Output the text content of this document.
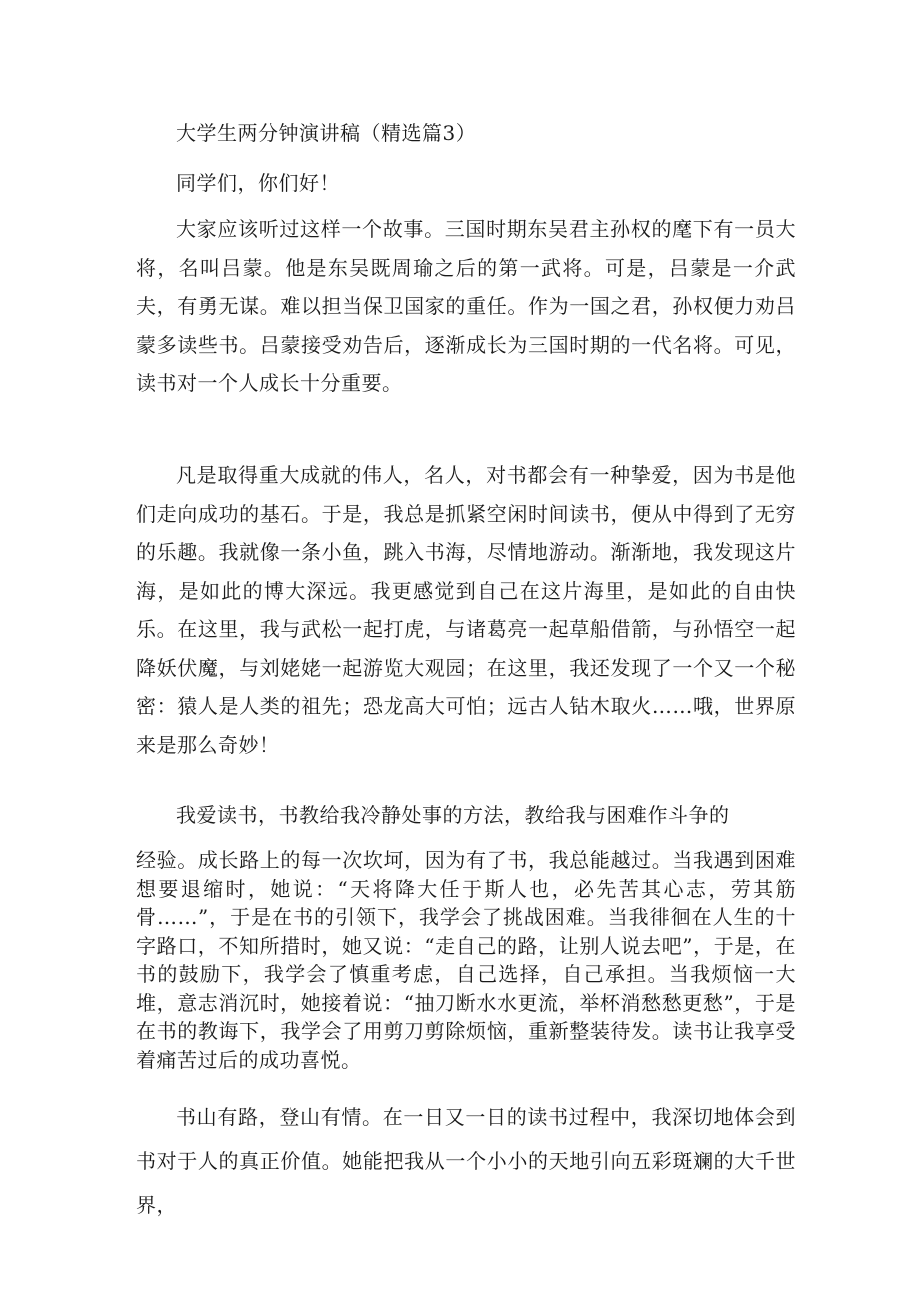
大学生两分钟演讲稿（精选篇3）

同学们，你们好！

大家应该听过这样一个故事。三国时期东吴君主孙权的麾下有一员大将，名叫吕蒙。他是东吴既周瑜之后的第一武将。可是，吕蒙是一介武夫，有勇无谋。难以担当保卫国家的重任。作为一国之君，孙权便力劝吕蒙多读些书。吕蒙接受劝告后，逐渐成长为三国时期的一代名将。可见，读书对一个人成长十分重要。

凡是取得重大成就的伟人，名人，对书都会有一种挚爱，因为书是他们走向成功的基石。于是，我总是抓紧空闲时间读书，便从中得到了无穷的乐趣。我就像一条小鱼，跳入书海，尽情地游动。渐渐地，我发现这片海，是如此的博大深远。我更感觉到自己在这片海里，是如此的自由快乐。在这里，我与武松一起打虎，与诸葛亮一起草船借箭，与孙悟空一起降妖伏魔，与刘姥姥一起游览大观园；在这里，我还发现了一个又一个秘密：猿人是人类的祖先；恐龙高大可怕；远古人钻木取火……哦，世界原来是那么奇妙！

我爱读书，书教给我冷静处事的方法，教给我与困难作斗争的

经验。成长路上的每一次坎坷，因为有了书，我总能越过。当我遇到困难想要退缩时，她说：“天将降大任于斯人也，必先苦其心志，劳其筋骨……”，于是在书的引领下，我学会了挑战困难。当我徘徊在人生的十字路口，不知所措时，她又说：“走自己的路，让别人说去吧”，于是，在书的鼓励下，我学会了慎重考虑，自己选择，自己承担。当我烦恼一大堆，意志消沉时，她接着说：“抽刀断水水更流，举杯消愁愁更愁”，于是在书的教诲下，我学会了用剪刀剪除烦恼，重新整装待发。读书让我享受着痛苦过后的成功喜悦。

书山有路，登山有情。在一日又一日的读书过程中，我深切地体会到书对于人的真正价值。她能把我从一个小小的天地引向五彩斑斓的大千世界，
